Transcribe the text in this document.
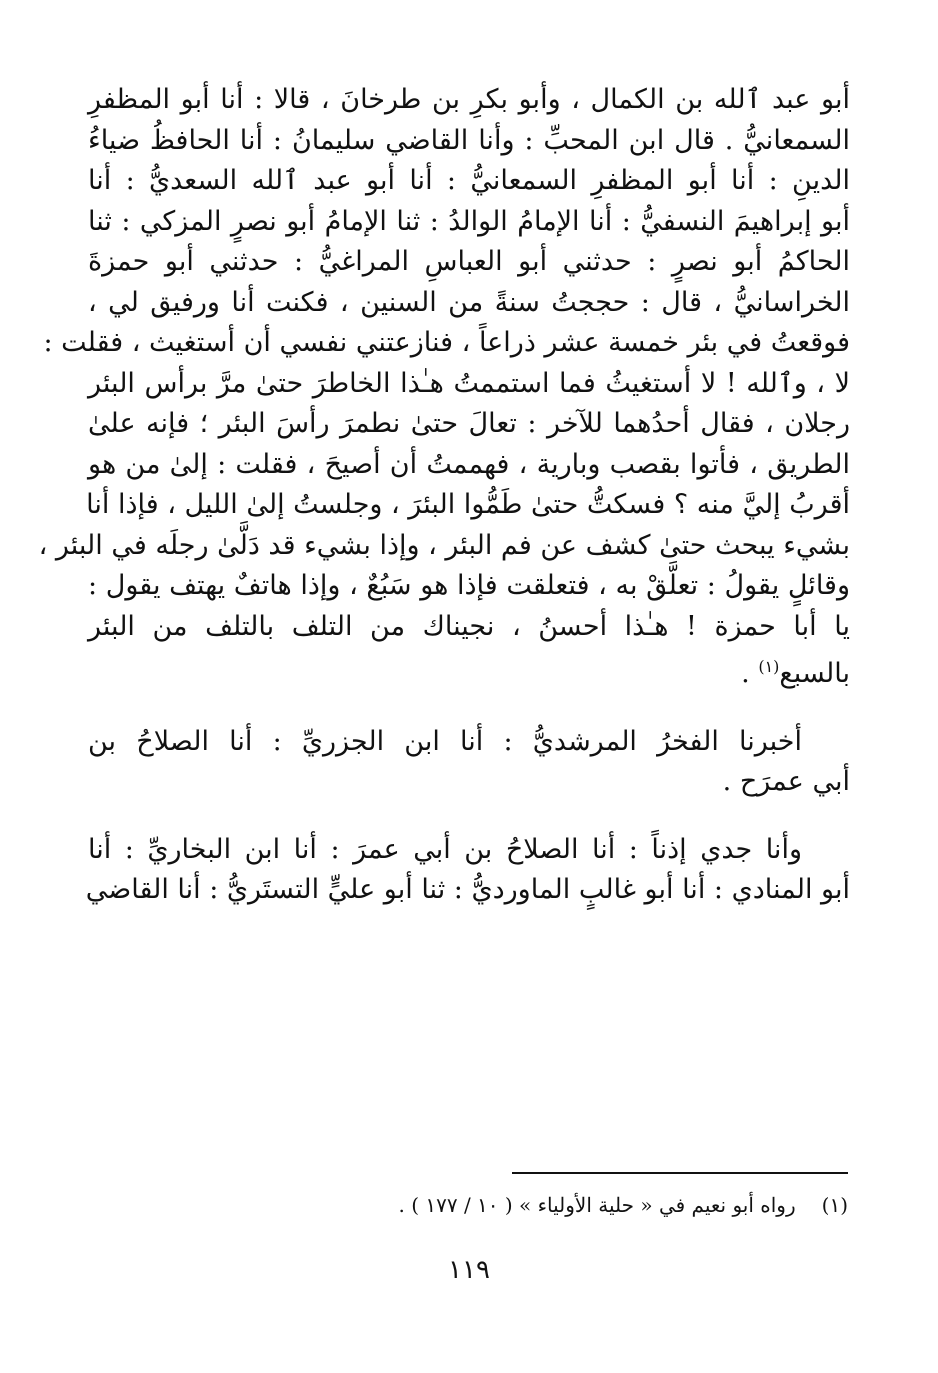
أبو عبد ٱلله بن الكمال ، وأبو بكرِ بن طرخانَ ، قالا : أنا أبو المظفرِ
السمعانيُّ . قال ابن المحبِّ : وأنا القاضي سليمانُ : أنا الحافظُ ضياءُ
الدينِ : أنا أبو المظفرِ السمعانيُّ : أنا أبو عبد ٱلله السعديُّ : أنا
أبو إبراهيمَ النسفيُّ : أنا الإمامُ الوالدُ : ثنا الإمامُ أبو نصرٍ المزكي : ثنا
الحاكمُ أبو نصرٍ : حدثني أبو العباسِ المراغيُّ : حدثني أبو حمزةَ
الخراسانيُّ ، قال : حججتُ سنةً من السنين ، فكنت أنا ورفيق لي ،
فوقعتُ في بئر خمسة عشر ذراعاً ، فنازعتني نفسي أن أستغيث ، فقلت :
لا ، وٱلله ! لا أستغيثُ فما استممتُ هـٰذا الخاطرَ حتىٰ مرَّ برأس البئر
رجلان ، فقال أحدُهما للآخر : تعالَ حتىٰ نطمرَ رأسَ البئر ؛ فإنه علىٰ
الطريق ، فأتوا بقصب وبارية ، فهممتُ أن أصيحَ ، فقلت : إلىٰ من هو
أقربُ إليَّ منه ؟ فسكتُّ حتىٰ طَمُّوا البئرَ ، وجلستُ إلىٰ الليل ، فإذا أنا
بشيء يبحث حتىٰ كشف عن فم البئر ، وإذا بشيء قد دَلَّىٰ رجلَه في البئر ،
وقائلٍ يقولُ : تعلَّقْ به ، فتعلقت فإذا هو سَبُعٌ ، وإذا هاتفٌ يهتف يقول :
يا أبا حمزة ! هـٰذا أحسنُ ، نجيناك من التلف بالتلف من البئر
بالسبع$^{(١)}$ .
أخبرنا الفخرُ المرشديُّ : أنا ابن الجزريِّ : أنا الصلاحُ بن
أبي عمرَح .
وأنا جدي إذناً : أنا الصلاحُ بن أبي عمرَ : أنا ابن البخاريِّ : أنا
أبو المنادي : أنا أبو غالبٍ الماورديُّ : ثنا أبو عليٍّ التستَريُّ : أنا القاضي
(١)رواه أبو نعيم في « حلية الأولياء » ( ١٠ / ١٧٧ ) .
١١٩
